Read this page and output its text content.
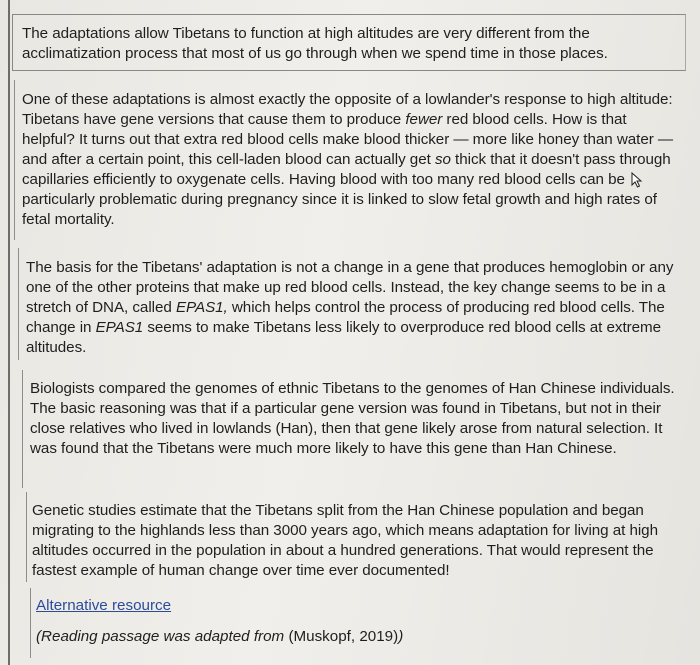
The adaptations allow Tibetans to function at high altitudes are very different from the acclimatization process that most of us go through when we spend time in those places.

One of these adaptations is almost exactly the opposite of a lowlander's response to high altitude: Tibetans have gene versions that cause them to produce fewer red blood cells. How is that helpful? It turns out that extra red blood cells make blood thicker — more like honey than water — and after a certain point, this cell-laden blood can actually get so thick that it doesn't pass through capillaries efficiently to oxygenate cells. Having blood with too many red blood cells can be particularly problematic during pregnancy since it is linked to slow fetal growth and high rates of fetal mortality.

The basis for the Tibetans' adaptation is not a change in a gene that produces hemoglobin or any one of the other proteins that make up red blood cells. Instead, the key change seems to be in a stretch of DNA, called EPAS1, which helps control the process of producing red blood cells. The change in EPAS1 seems to make Tibetans less likely to overproduce red blood cells at extreme altitudes.

Biologists compared the genomes of ethnic Tibetans to the genomes of Han Chinese individuals. The basic reasoning was that if a particular gene version was found in Tibetans, but not in their close relatives who lived in lowlands (Han), then that gene likely arose from natural selection. It was found that the Tibetans were much more likely to have this gene than Han Chinese.

Genetic studies estimate that the Tibetans split from the Han Chinese population and began migrating to the highlands less than 3000 years ago, which means adaptation for living at high altitudes occurred in the population in about a hundred generations. That would represent the fastest example of human change over time ever documented!

Alternative resource
(Reading passage was adapted from (Muskopf, 2019))
